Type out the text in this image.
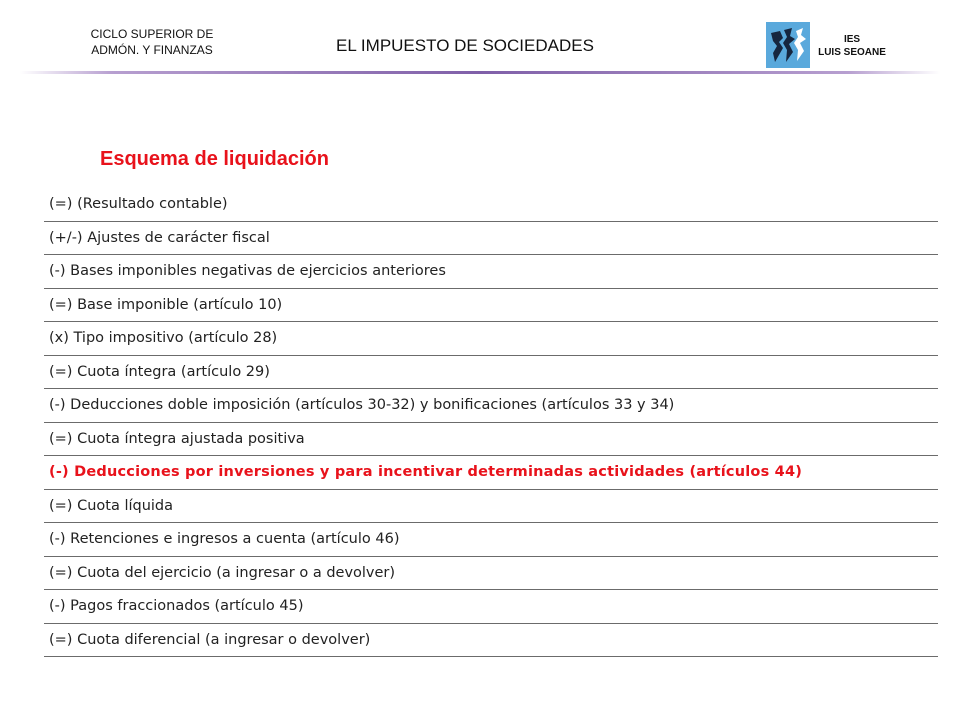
CICLO SUPERIOR DE
ADMÓN. Y FINANZAS	EL IMPUESTO DE SOCIEDADES	IES
LUIS SEOANE
Esquema de liquidación
(=) (Resultado contable)
(+/-) Ajustes de carácter fiscal
(-) Bases imponibles negativas de ejercicios anteriores
(=) Base imponible (artículo 10)
(x) Tipo impositivo (artículo 28)
(=) Cuota íntegra (artículo 29)
(-) Deducciones doble imposición (artículos 30-32) y bonificaciones (artículos 33 y 34)
(=) Cuota íntegra ajustada positiva
(-) Deducciones por inversiones y para incentivar determinadas actividades (artículos 44)
(=) Cuota líquida
(-) Retenciones e ingresos a cuenta (artículo 46)
(=) Cuota del ejercicio (a ingresar o a devolver)
(-) Pagos fraccionados (artículo 45)
(=) Cuota diferencial (a ingresar o devolver)
